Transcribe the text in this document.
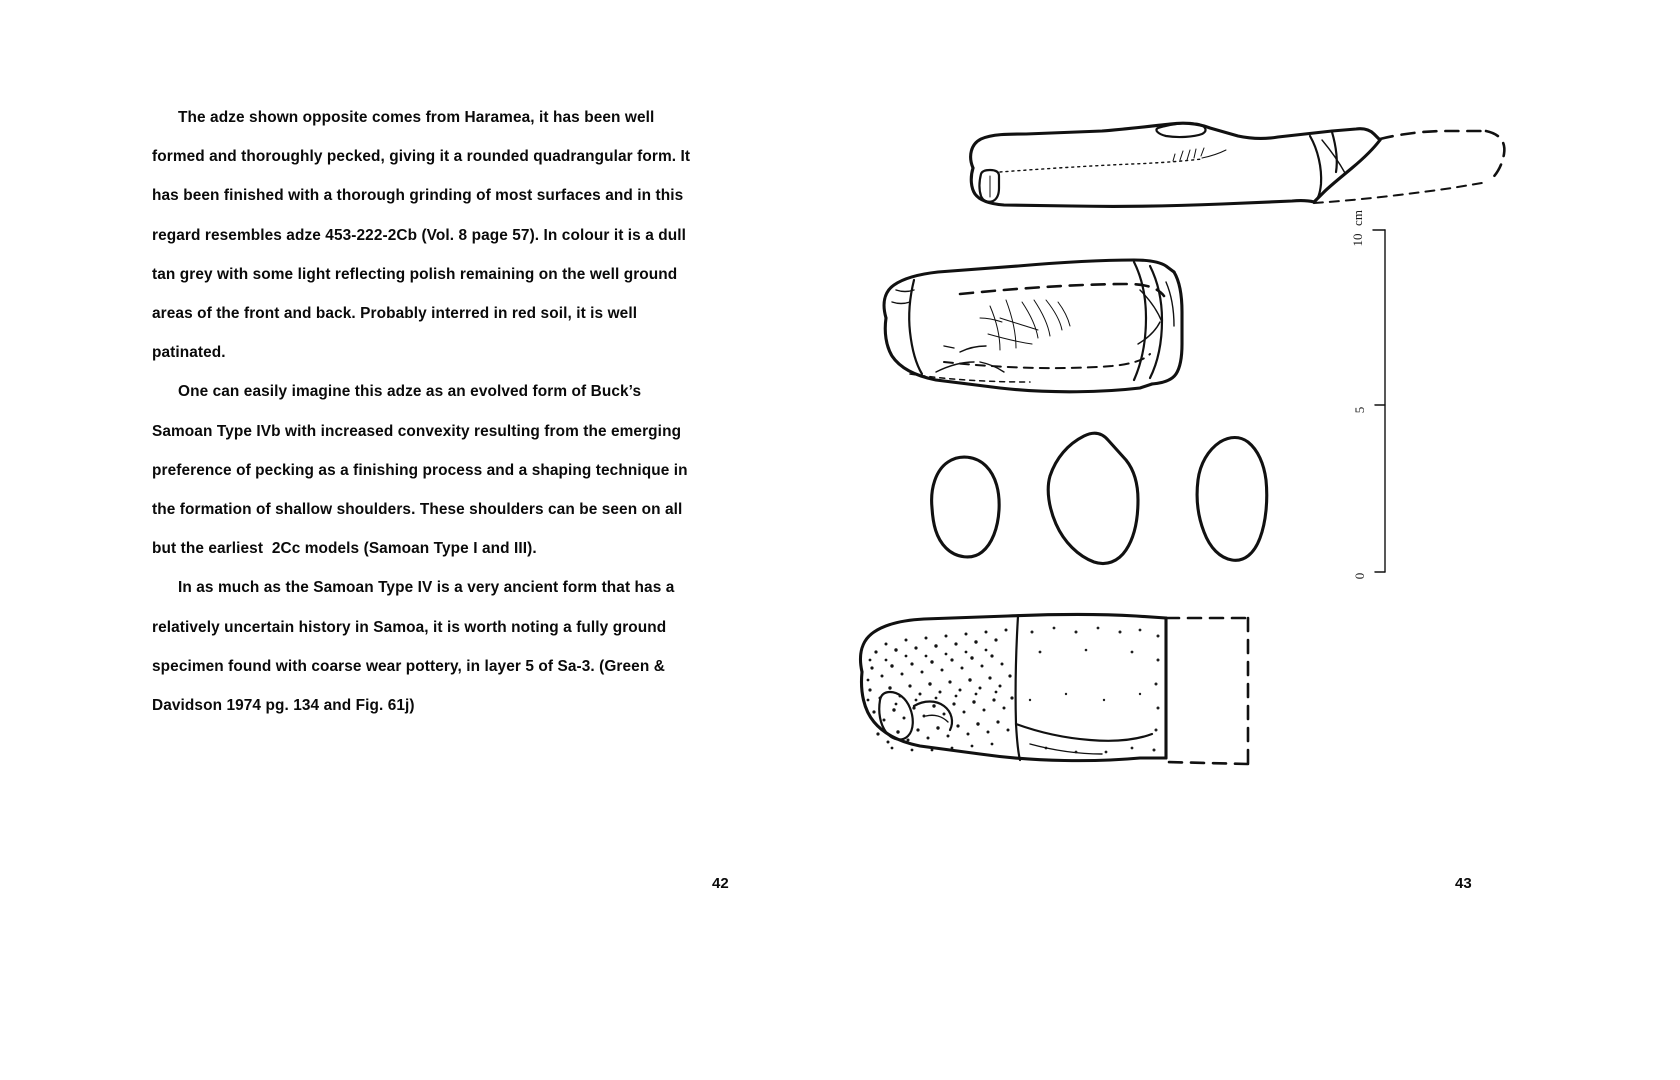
The adze shown opposite comes from Haramea, it has been well formed and thoroughly pecked, giving it a rounded quadrangular form. It has been finished with a thorough grinding of most surfaces and in this regard resembles adze 453-222-2Cb (Vol. 8 page 57). In colour it is a dull tan grey with some light reflecting polish remaining on the well ground areas of the front and back. Probably interred in red soil, it is well patinated.

One can easily imagine this adze as an evolved form of Buck’s Samoan Type IVb with increased convexity resulting from the emerging preference of pecking as a finishing process and a shaping technique in the formation of shallow shoulders. These shoulders can be seen on all but the earliest  2Cc models (Samoan Type I and III).

In as much as the Samoan Type IV is a very ancient form that has a relatively uncertain history in Samoa, it is worth noting a fully ground specimen found with coarse wear pottery, in layer 5 of Sa-3. (Green & Davidson 1974 pg. 134 and Fig. 61j)

42
cm
10
5
0
43
